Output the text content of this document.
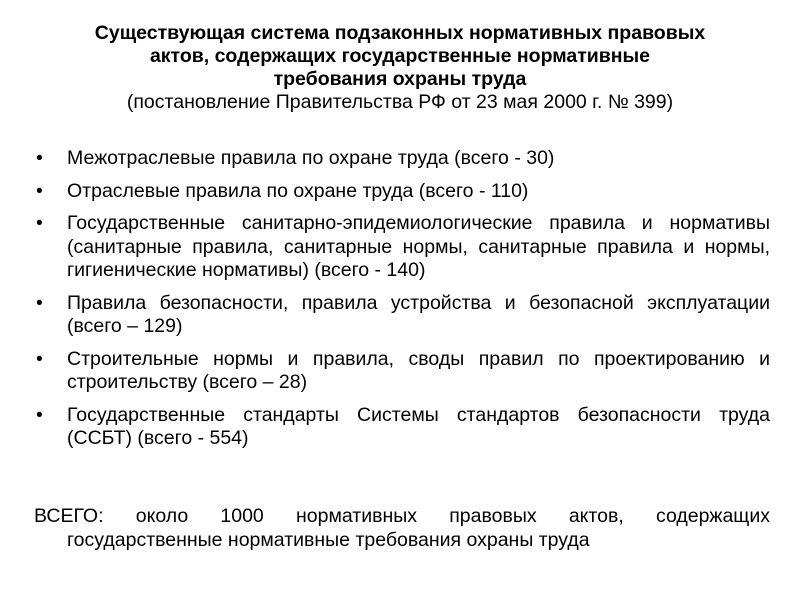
Существующая система подзаконных нормативных правовых
актов, содержащих государственные нормативные
требования охраны труда
(постановление Правительства РФ от 23 мая 2000 г. № 399)
• Межотраслевые правила по охране труда (всего - 30)
• Отраслевые правила по охране труда (всего - 110)
• Государственные санитарно-эпидемиологические правила и нормативы (санитарные правила, санитарные нормы, санитарные правила и нормы, гигиенические нормативы) (всего - 140)
• Правила безопасности, правила устройства и безопасной эксплуатации (всего – 129)
• Строительные нормы и правила, своды правил по проектированию и строительству (всего – 28)
• Государственные стандарты Системы стандартов безопасности труда (ССБТ) (всего - 554)
ВСЕГО: около 1000 нормативных правовых актов, содержащих государственные нормативные требования охраны труда
